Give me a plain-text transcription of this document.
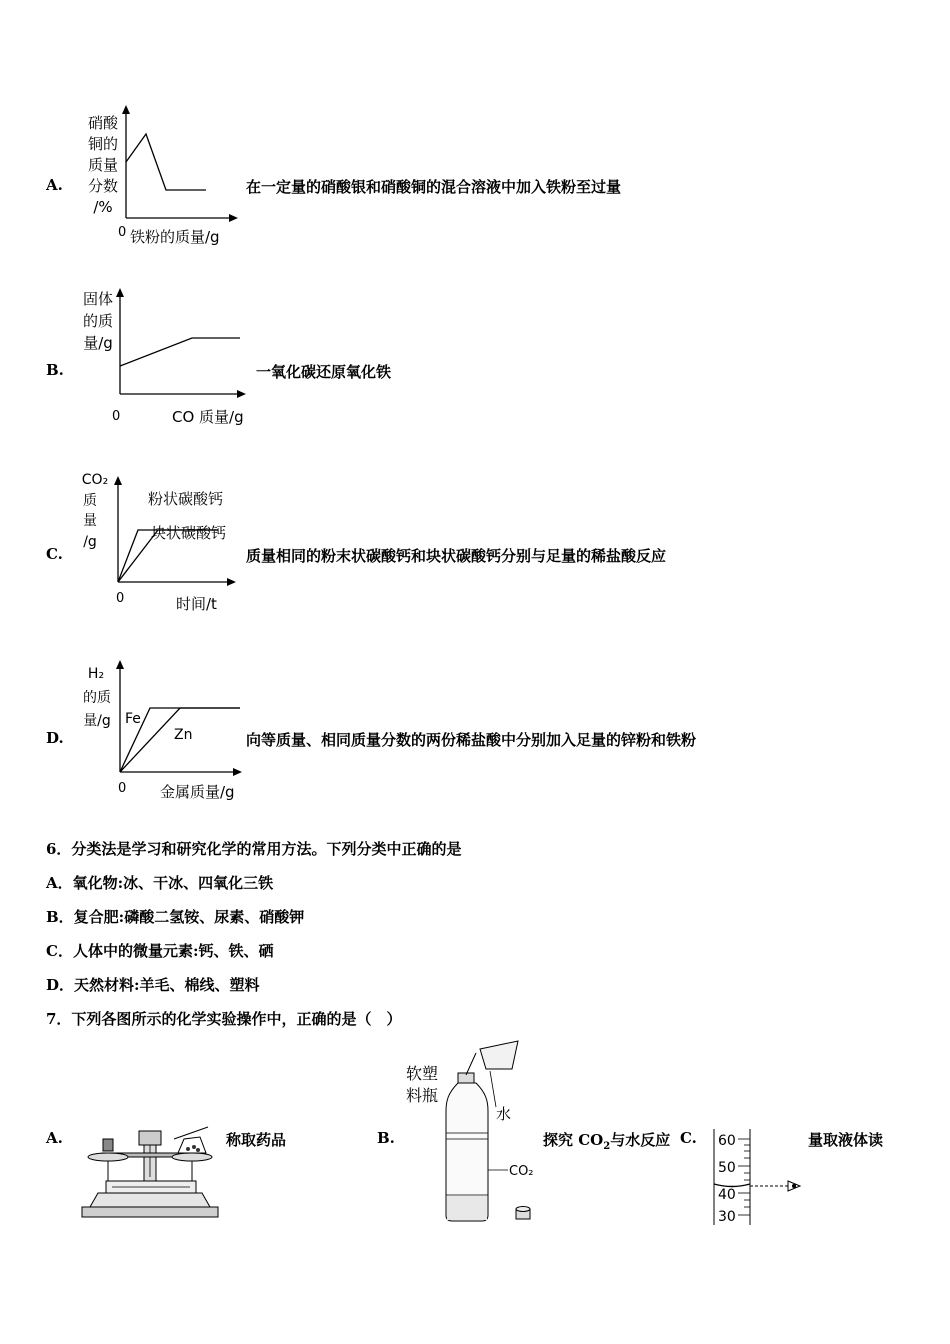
A.
硝酸
铜的
质量
分数
/%
0 铁粉的质量/g
在一定量的硝酸银和硝酸铜的混合溶液中加入铁粉至过量
B.
固体
的质
量/g
0	CO 质量/g
一氧化碳还原氧化铁
C.
CO₂
质
量
/g
0	时间/t
粉状碳酸钙
块状碳酸钙
质量相同的粉末状碳酸钙和块状碳酸钙分别与足量的稀盐酸反应
D.
H₂
的质
量/g
0 金属质量/g
Fe
Zn	向等质量、相同质量分数的两份稀盐酸中分别加入足量的锌粉和铁粉
6．分类法是学习和研究化学的常用方法。下列分类中正确的是
A．氧化物:冰、干冰、四氧化三铁
B．复合肥:磷酸二氢铵、尿素、硝酸钾
C．人体中的微量元素:钙、铁、硒
D．天然材料:羊毛、棉线、塑料
7．下列各图所示的化学实验操作中，正确的是（　）
A.	称取药品	B.
软塑
料瓶
CO₂
水
探究 $CO_2$与水反应 C. 60
50
40
30
量取液体读
